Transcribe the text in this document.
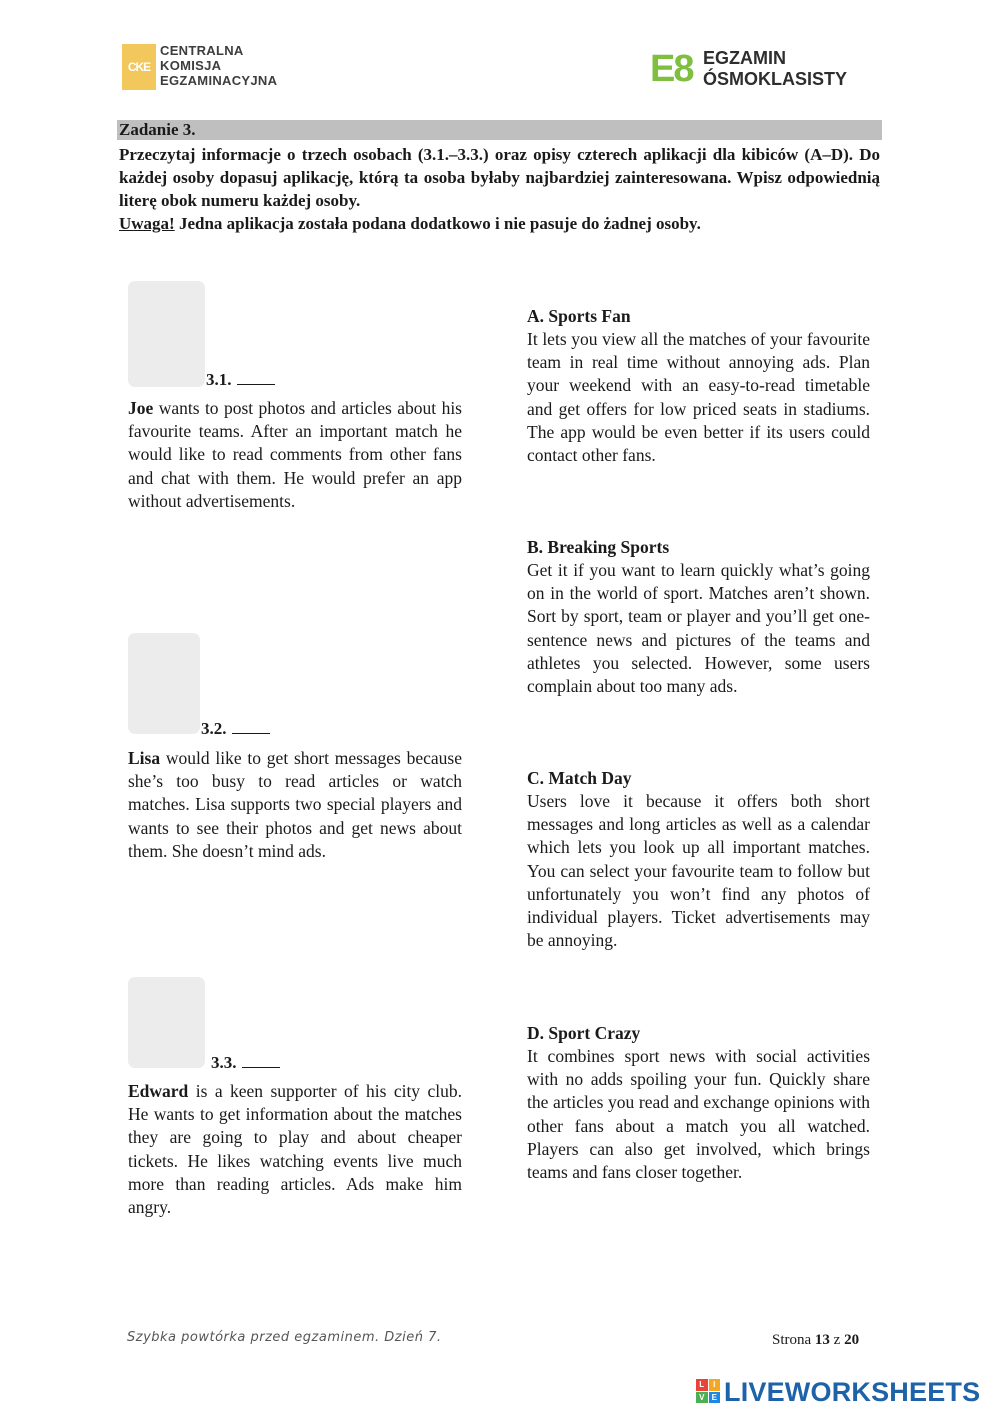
CKE
CENTRALNA
KOMISJA
EGZAMINACYJNA	E8 EGZAMIN
ÓSMOKLASISTY
Zadanie 3.

Przeczytaj informacje o trzech osobach (3.1.–3.3.) oraz opisy czterech aplikacji dla kibiców (A–D). Do każdej osoby dopasuj aplikację, którą ta osoba byłaby najbardziej zainteresowana. Wpisz odpowiednią literę obok numeru każdej osoby.

Uwaga! Jedna aplikacja została podana dodatkowo i nie pasuje do żadnej osoby.

3.1.

Joe wants to post photos and articles about his favourite teams. After an important match he would like to read comments from other fans and chat with them. He would prefer an app without advertisements.

3.2.

Lisa would like to get short messages because she’s too busy to read articles or watch matches. Lisa supports two special players and wants to see their photos and get news about them. She doesn’t mind ads.

3.3.

Edward is a keen supporter of his city club. He wants to get information about the matches they are going to play and about cheaper tickets. He likes watching events live much more than reading articles. Ads make him angry.

A. Sports Fan
It lets you view all the matches of your favourite team in real time without annoying ads. Plan your weekend with an easy-to-read timetable and get offers for low priced seats in stadiums. The app would be even better if its users could contact other fans.
B. Breaking Sports
Get it if you want to learn quickly what’s going on in the world of sport. Matches aren’t shown. Sort by sport, team or player and you’ll get one-sentence news and pictures of the teams and athletes you selected. However, some users complain about too many ads.
C. Match Day
Users love it because it offers both short messages and long articles as well as a calendar which lets you look up all important matches. You can select your favourite team to follow but unfortunately you won’t find any photos of individual players. Ticket advertisements may be annoying.
D. Sport Crazy
It combines sport news with social activities with no adds spoiling your fun. Quickly share the articles you read and exchange opinions with other fans about a match you all watched. Players can also get involved, which brings teams and fans closer together.
Szybka powtórka przed egzaminem. Dzień 7.	Strona 13 z 20
L	I
V E LIVEWORKSHEETS
